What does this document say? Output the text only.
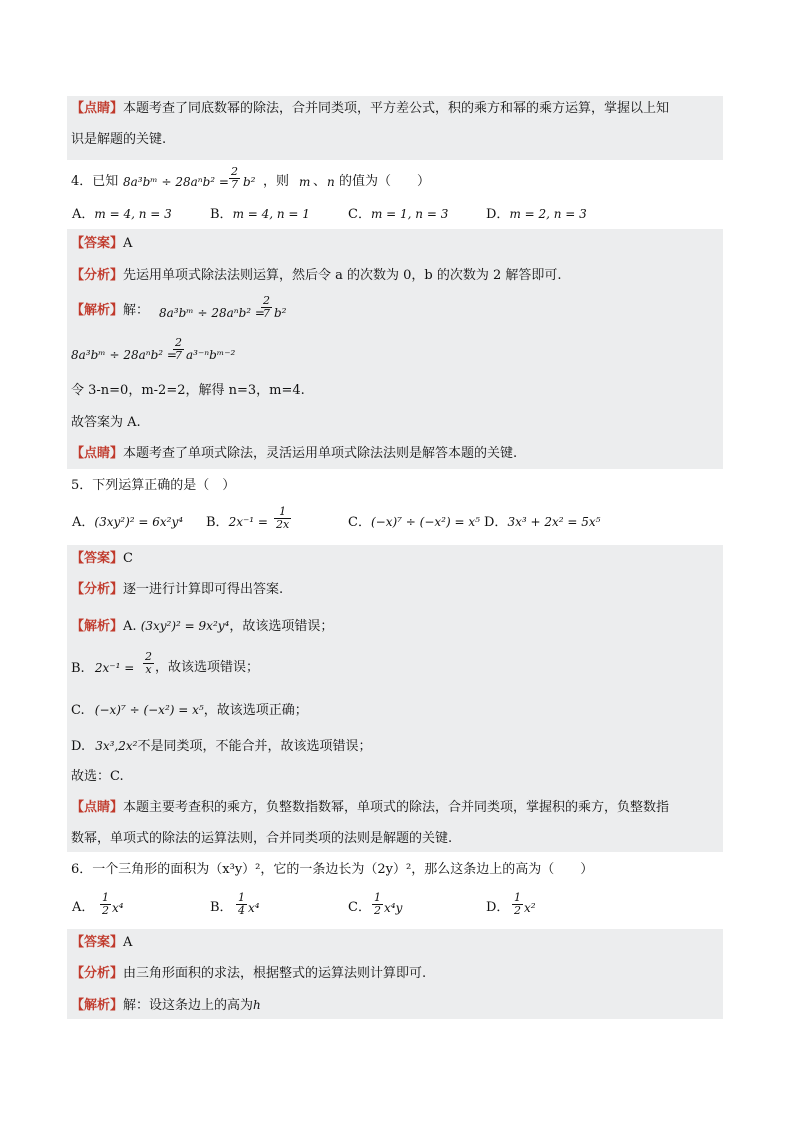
【点睛】本题考查了同底数幂的除法，合并同类项，平方差公式，积的乘方和幂的乘方运算，掌握以上知
识是解题的关键.
4．已知 8a³bᵐ ÷ $28a^nb^2 = \frac{2}{7} b^2$ ，则 m 、 n 的值为（　　）
A．m = 4, n = 3	B．m = 4, n = 1	C．m = 1, n = 3	D．m = 2, n = 3
【答案】A
【分析】先运用单项式除法法则运算，然后令 a 的次数为 0，b 的次数为 2 解答即可.
【解析】解： 8a³bᵐ ÷ 28aⁿb² =
$\frac{2}{7} b^2$
8a³bᵐ ÷ 28aⁿb² =
$\frac{2}{7}$ a³⁻ⁿbᵐ⁻²
令 3-n=0，m-2=2，解得 n=3，m=4.
故答案为 A.
【点睛】本题考查了单项式除法，灵活运用单项式除法法则是解答本题的关键.
5．下列运算正确的是（　）
A．(3xy²)² = 6x²y⁴ B．$2x^{-1} = \frac{1}{2x}$	C．(−x)⁷ ÷ (−x²) = x⁵ D．3x³ + 2x² = 5x⁵
【答案】C
【分析】逐一进行计算即可得出答案.
【解析】A. (3xy²)² = 9x²y⁴，故该选项错误；
B. $2x^{-1} = \frac{2}{x}$ ，故该选项错误；
C. (−x)⁷ ÷ (−x²) = x⁵，故该选项正确；
D. 3x³,2x²不是同类项，不能合并，故该选项错误；
故选：C.
【点睛】本题主要考查积的乘方，负整数指数幂，单项式的除法，合并同类项，掌握积的乘方，负整数指
数幂，单项式的除法的运算法则，合并同类项的法则是解题的关键.
6．一个三角形的面积为（x³y）²，它的一条边长为（2y）²，那么这条边上的高为（　　）
A． $\frac{1}{2} x^4$	B． $\frac{1}{4} x^4$	C． $\frac{1}{2} x^4y$	D． $\frac{1}{2} x^2$
【答案】A
【分析】由三角形面积的求法，根据整式的运算法则计算即可.
【解析】解：设这条边上的高为h
